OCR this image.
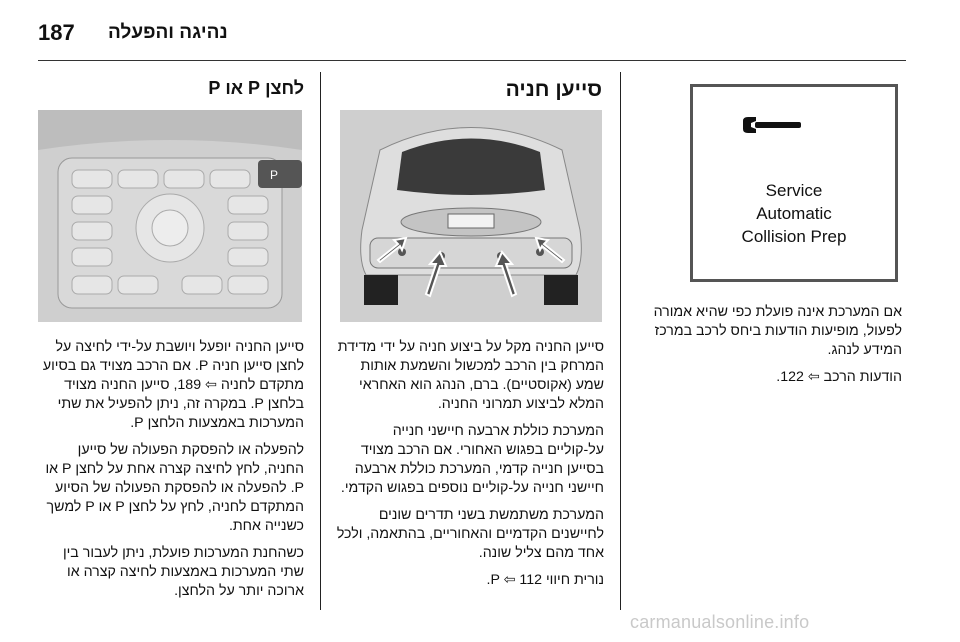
187 נהיגה והפעלה
Service
Automatic
Collision Prep

אם המערכת אינה פועלת כפי שהיא אמורה לפעול, מופיעות הודעות ביחס לרכב במרכז המידע לנהג.

הודעות הרכב ⇦ 122.

סייען חניה

סייען החניה מקל על ביצוע חניה על ידי מדידת המרחק בין הרכב למכשול והשמעת אותות שמע (אקוסטיים). ברם, הנהג הוא האחראי המלא לביצוע תמרוני החניה.

המערכת כוללת ארבעה חיישני חנייה על-קוליים בפגוש האחורי. אם הרכב מצויד בסייען חנייה קדמי, המערכת כוללת ארבעה חיישני חנייה על-קוליים נוספים בפגוש הקדמי.

המערכת משתמשת בשני תדרים שונים לחיישנים הקדמיים והאחוריים, בהתאמה, ולכל אחד מהם צליל שונה.

נורית חיווי P ⇦ 112.

לחצן P או P
P

סייען החניה יופעל ויושבת על-ידי לחיצה על לחצן סייען חניה P. אם הרכב מצויד גם בסיוע מתקדם לחניה ⇦ 189, סייען החניה מצויד בלחצן P. במקרה זה, ניתן להפעיל את שתי המערכות באמצעות הלחצן P.

להפעלה או להפסקת הפעולה של סייען החניה, לחץ לחיצה קצרה אחת על לחצן P או P. להפעלה או להפסקת הפעולה של הסיוע המתקדם לחניה, לחץ על לחצן P או P למשך כשנייה אחת.

כשהחנת המערכות פועלת, ניתן לעבור בין שתי המערכות באמצעות לחיצה קצרה או ארוכה יותר על הלחצן.

carmanualsonline.info
